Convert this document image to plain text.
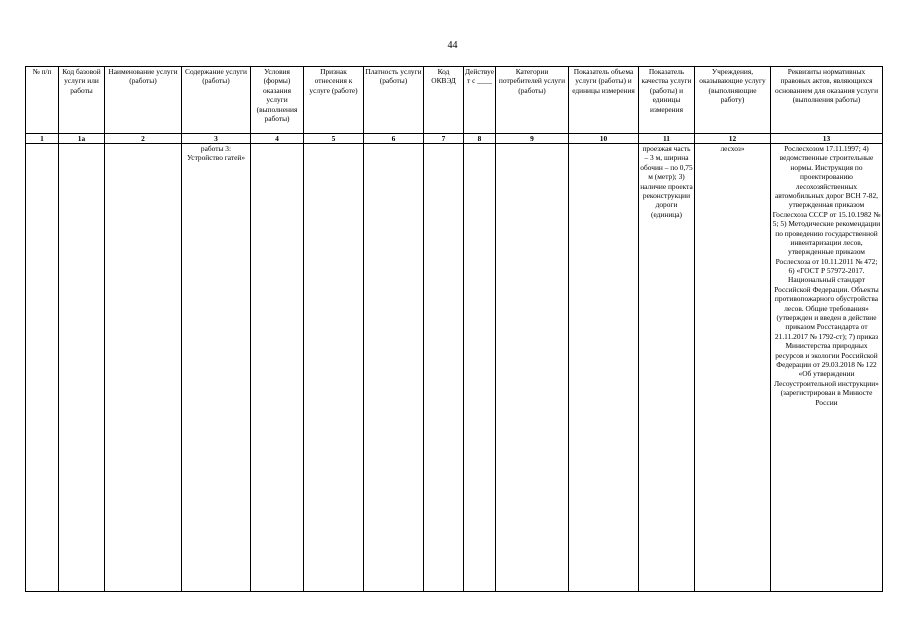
44
№ п/п	Код базовой услуги или работы	Наименование услуги (работы)	Содержание услуги (работы)	Условия (формы) оказания услуги (выполнения работы)	Признак отнесения к услуге (работе)	Платность услуги (работы)	Код ОКВЭД	Действует с ____	Категории потребителей услуги (работы)	Показатель объема услуги (работы) и единицы измерения	Показатель качества услуги (работы) и единицы измерения	Учреждения, оказывающие услугу (выполняющие работу)	Реквизиты нормативных правовых актов, являющихся основанием для оказания услуги (выполнения работы)
1	1а	2	3	4	5	6	7	8	9	10	11	12	13
			работы 3: Устройство гатей»								проезжая часть – 3 м, ширина обочин – по 0,75 м (метр); 3) наличие проекта реконструкции дороги (единица)	лесхоз»	Рослесхозом 17.11.1997; 4) ведомственные строительные нормы. Инструкция по проектированию лесохозяйственных автомобильных дорог ВСН 7-82, утвержденная приказом Гослесхоза СССР от 15.10.1982 № 5; 5) Методические рекомендации по проведению государственной инвентаризации лесов, утвержденные приказом Рослесхоза от 10.11.2011 № 472; 6) «ГОСТ Р 57972-2017. Национальный стандарт Российской Федерации. Объекты противопожарного обустройства лесов. Общие требования» (утвержден и введен в действие приказом Росстандарта от 21.11.2017 № 1792-ст); 7) приказ Министерства природных ресурсов и экологии Российской Федерации от 29.03.2018 № 122 «Об утверждении Лесоустроительной инструкции» (зарегистрирован в Минюсте России
